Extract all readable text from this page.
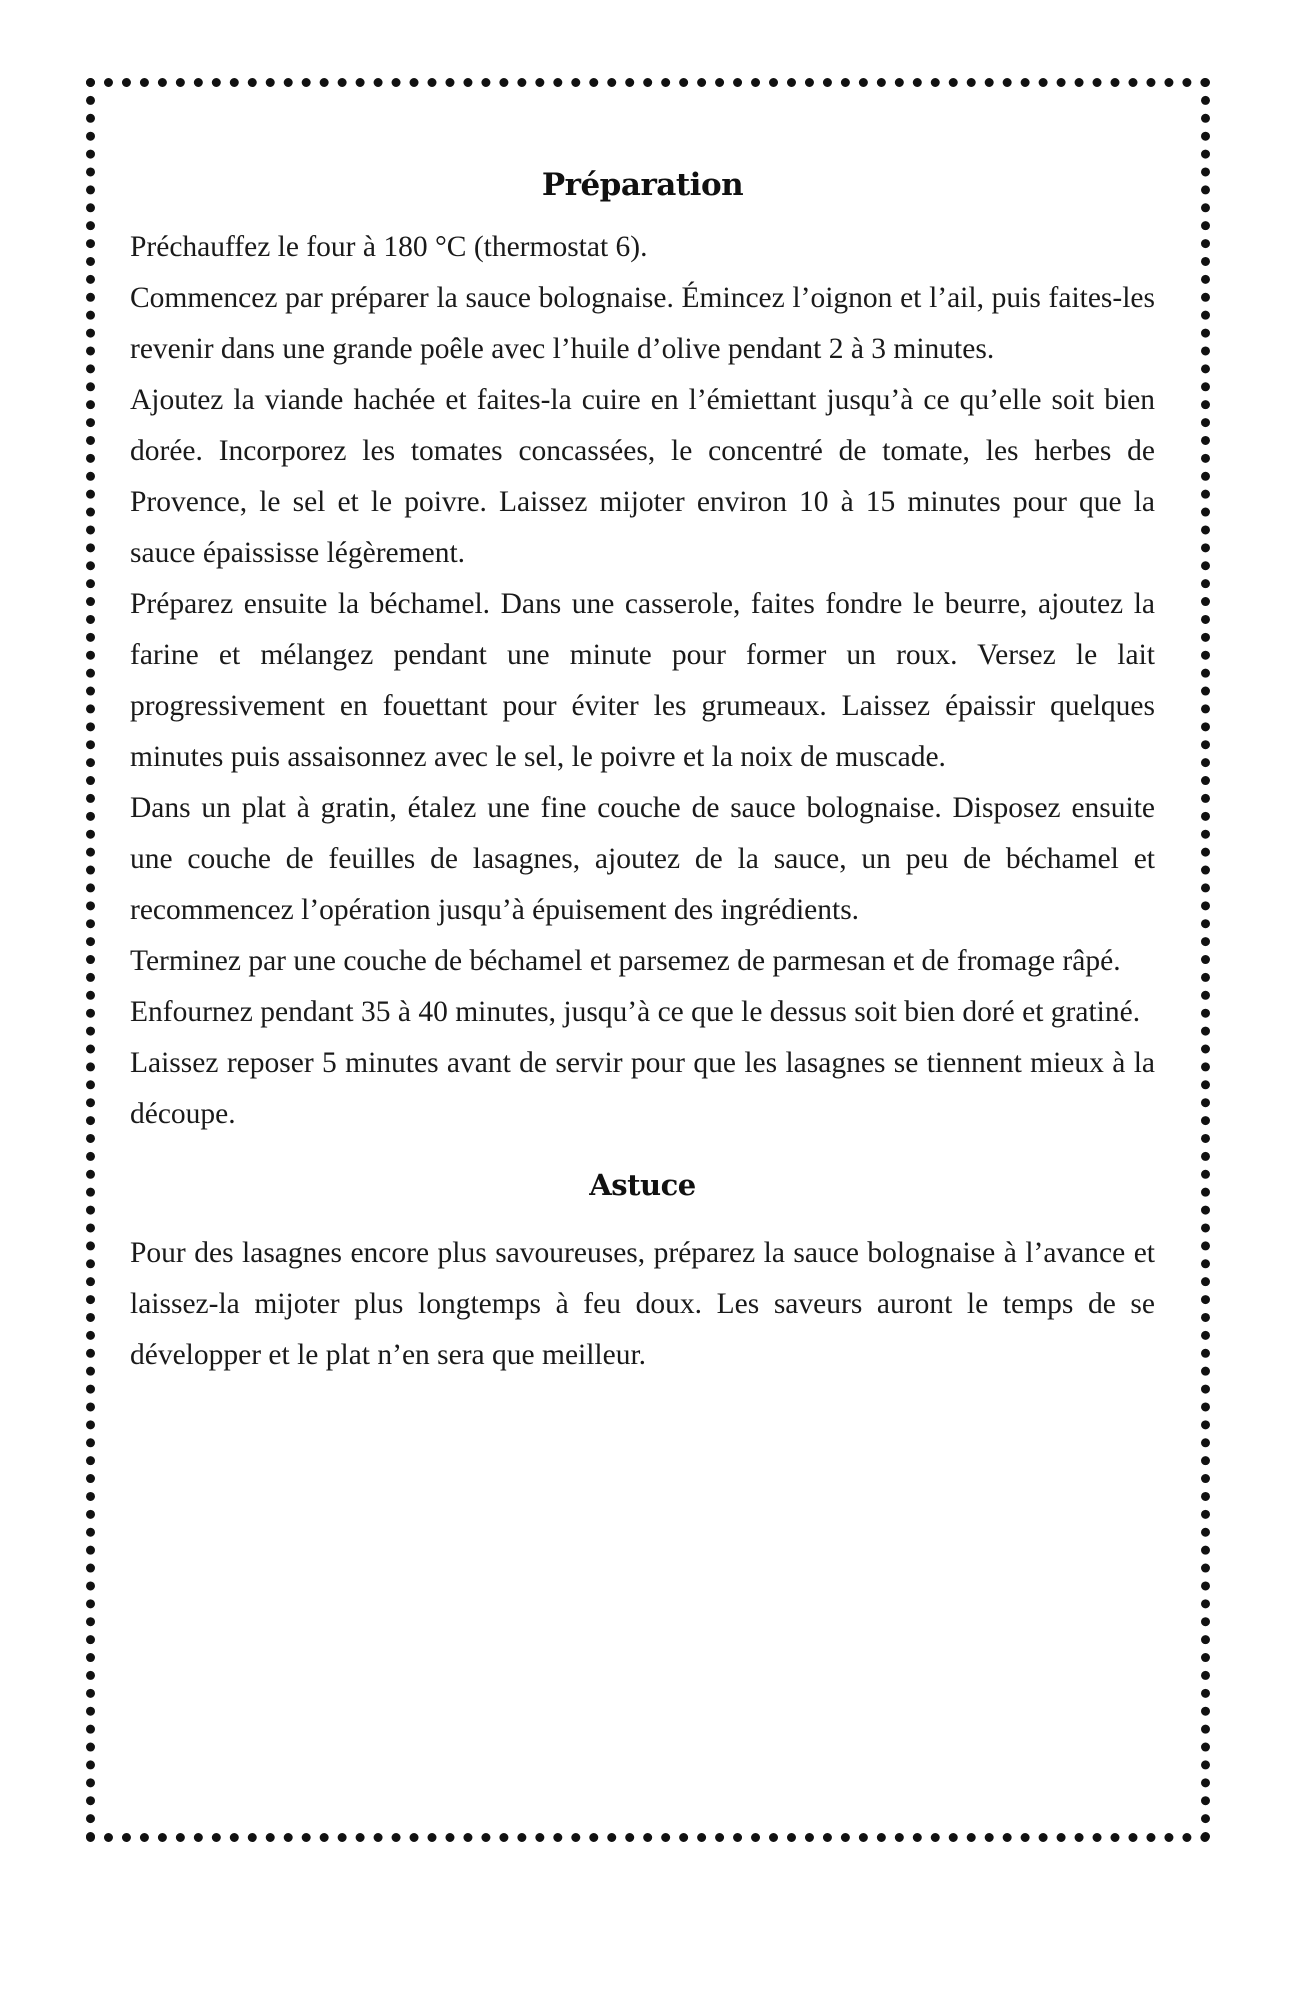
Préparation

Préchauffez le four à 180 °C (thermostat 6).

Commencez par préparer la sauce bolognaise. Émincez l’oignon et l’ail, puis faites-les revenir dans une grande poêle avec l’huile d’olive pendant 2 à 3 minutes.

Ajoutez la viande hachée et faites-la cuire en l’émiettant jusqu’à ce qu’elle soit bien dorée. Incorporez les tomates concassées, le concentré de tomate, les herbes de Provence, le sel et le poivre. Laissez mijoter environ 10 à 15 minutes pour que la sauce épaississe légèrement.

Préparez ensuite la béchamel. Dans une casserole, faites fondre le beurre, ajoutez la farine et mélangez pendant une minute pour former un roux. Versez le lait progressivement en fouettant pour éviter les grumeaux. Laissez épaissir quelques minutes puis assaisonnez avec le sel, le poivre et la noix de muscade.

Dans un plat à gratin, étalez une fine couche de sauce bolognaise. Disposez ensuite une couche de feuilles de lasagnes, ajoutez de la sauce, un peu de béchamel et recommencez l’opération jusqu’à épuisement des ingrédients.

Terminez par une couche de béchamel et parsemez de parmesan et de fromage râpé.

Enfournez pendant 35 à 40 minutes, jusqu’à ce que le dessus soit bien doré et gratiné.

Laissez reposer 5 minutes avant de servir pour que les lasagnes se tiennent mieux à la découpe.

Astuce

Pour des lasagnes encore plus savoureuses, préparez la sauce bolognaise à l’avance et laissez-la mijoter plus longtemps à feu doux. Les saveurs auront le temps de se développer et le plat n’en sera que meilleur.
